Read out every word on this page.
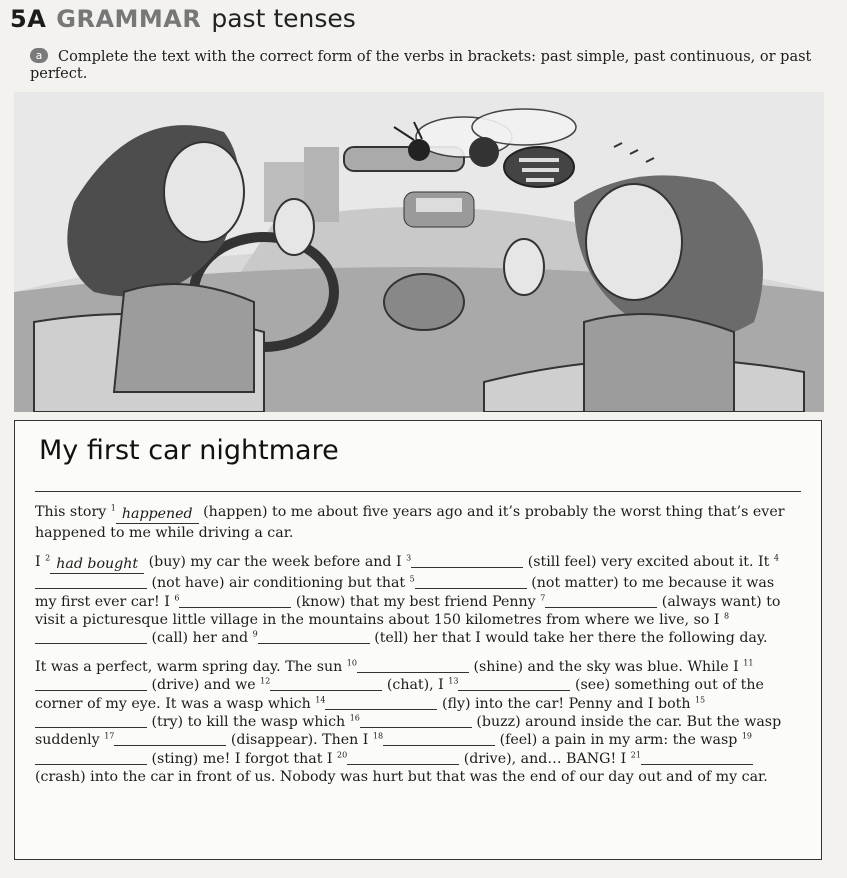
5A GRAMMAR past tenses
a Complete the text with the correct form of the verbs in brackets: past simple, past continuous, or past perfect.
My first car nightmare

This story $^1$ happened (happen) to me about five years ago and it’s probably the worst thing that’s ever happened to me while driving a car.

I $^2$ had bought (buy) my car the week before and I $^3$	(still feel) very excited about it. It $^4$ (not have) air conditioning but that $^5$	(not matter) to me because it was my first ever car! I $^6$	(know) that my best friend Penny $^7$	(always want) to visit a picturesque little village in the mountains about 150 kilometres from where we live, so I $^8$ (call) her and $^9$	(tell) her that I would take her there the following day.

It was a perfect, warm spring day. The sun $^{10}$	(shine) and the sky was blue. While I $^{11}$ (drive) and we $^{12}$	(chat), I $^{13}$	(see) something out of the corner of my eye. It was a wasp which $^{14}$	(fly) into the car! Penny and I both $^{15}$ (try) to kill the wasp which $^{16}$	(buzz) around inside the car. But the wasp suddenly $^{17}$	(disappear). Then I $^{18}$	(feel) a pain in my arm: the wasp $^{19}$ (sting) me! I forgot that I $^{20}$	(drive), and… BANG! I $^{21}$ (crash) into the car in front of us. Nobody was hurt but that was the end of our day out and of my car.
